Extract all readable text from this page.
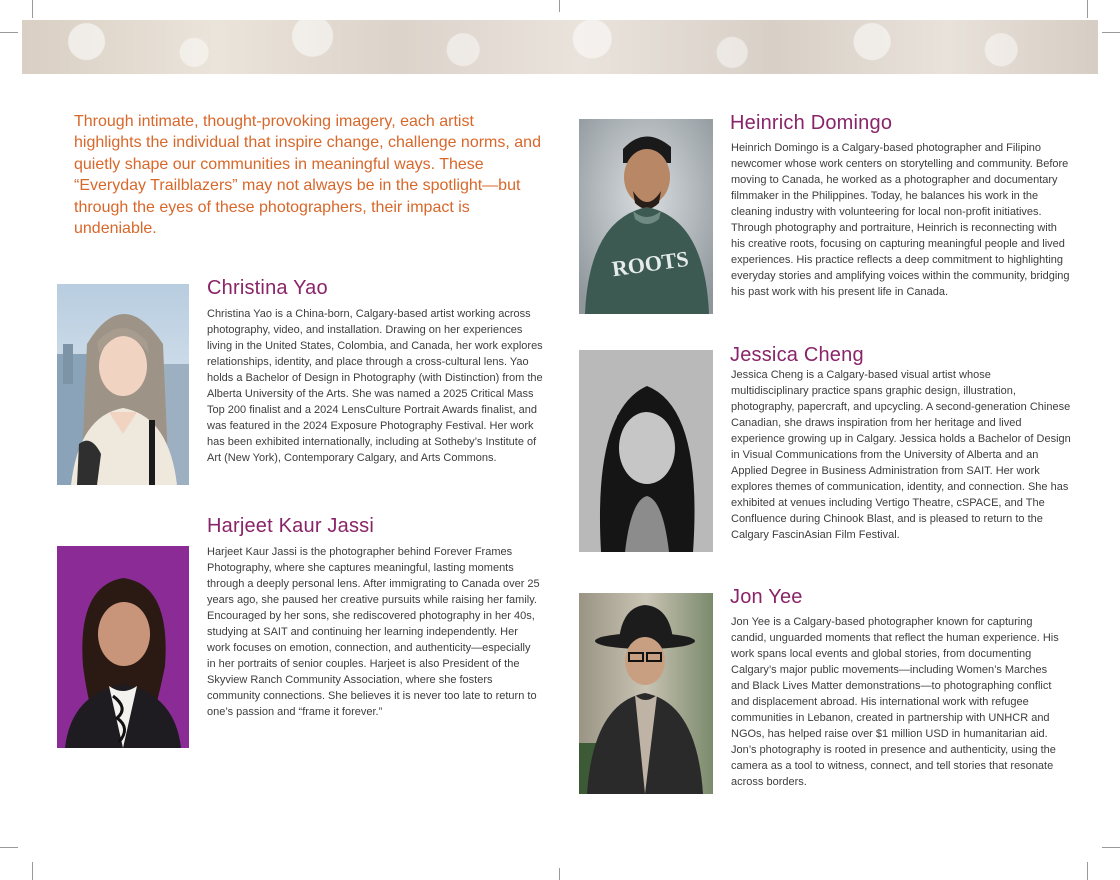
Through intimate, thought-provoking imagery, each artist highlights the individual that inspire change, challenge norms, and quietly shape our communities in meaningful ways. These “Everyday Trailblazers” may not always be in the spotlight—but through the eyes of these photographers, their impact is undeniable.

Christina Yao

Christina Yao is a China-born, Calgary-based artist working across photography, video, and installation. Drawing on her experiences living in the United States, Colombia, and Canada, her work explores relationships, identity, and place through a cross-cultural lens. Yao holds a Bachelor of Design in Photography (with Distinction) from the Alberta University of the Arts. She was named a 2025 Critical Mass Top 200 finalist and a 2024 LensCulture Portrait Awards finalist, and was featured in the 2024 Exposure Photography Festival. Her work has been exhibited internationally, including at Sotheby’s Institute of Art (New York), Contemporary Calgary, and Arts Commons.

Harjeet Kaur Jassi

Harjeet Kaur Jassi is the photographer behind Forever Frames Photography, where she captures meaningful, lasting moments through a deeply personal lens. After immigrating to Canada over 25 years ago, she paused her creative pursuits while raising her family. Encouraged by her sons, she rediscovered photography in her 40s, studying at SAIT and continuing her learning independently. Her work focuses on emotion, connection, and authenticity—especially in her portraits of senior couples. Harjeet is also President of the Skyview Ranch Community Association, where she fosters community connections. She believes it is never too late to return to one’s passion and “frame it forever.”

ROOTS
Heinrich Domingo

Heinrich Domingo is a Calgary-based photographer and Filipino newcomer whose work centers on storytelling and community. Before moving to Canada, he worked as a photographer and documentary filmmaker in the Philippines. Today, he balances his work in the cleaning industry with volunteering for local non-profit initiatives. Through photography and portraiture, Heinrich is reconnecting with his creative roots, focusing on capturing meaningful people and lived experiences. His practice reflects a deep commitment to highlighting everyday stories and amplifying voices within the community, bridging his past work with his present life in Canada.

Jessica Cheng

Jessica Cheng is a Calgary-based visual artist whose multidisciplinary practice spans graphic design, illustration, photography, papercraft, and upcycling. A second-generation Chinese Canadian, she draws inspiration from her heritage and lived experience growing up in Calgary. Jessica holds a Bachelor of Design in Visual Communications from the University of Alberta and an Applied Degree in Business Administration from SAIT. Her work explores themes of communication, identity, and connection. She has exhibited at venues including Vertigo Theatre, cSPACE, and The Confluence during Chinook Blast, and is pleased to return to the Calgary FascinAsian Film Festival.

Jon Yee

Jon Yee is a Calgary-based photographer known for capturing candid, unguarded moments that reflect the human experience. His work spans local events and global stories, from documenting Calgary’s major public movements—including Women’s Marches and Black Lives Matter demonstrations—to photographing conflict and displacement abroad. His international work with refugee communities in Lebanon, created in partnership with UNHCR and NGOs, has helped raise over $1 million USD in humanitarian aid. Jon’s photography is rooted in presence and authenticity, using the camera as a tool to witness, connect, and tell stories that resonate across borders.
